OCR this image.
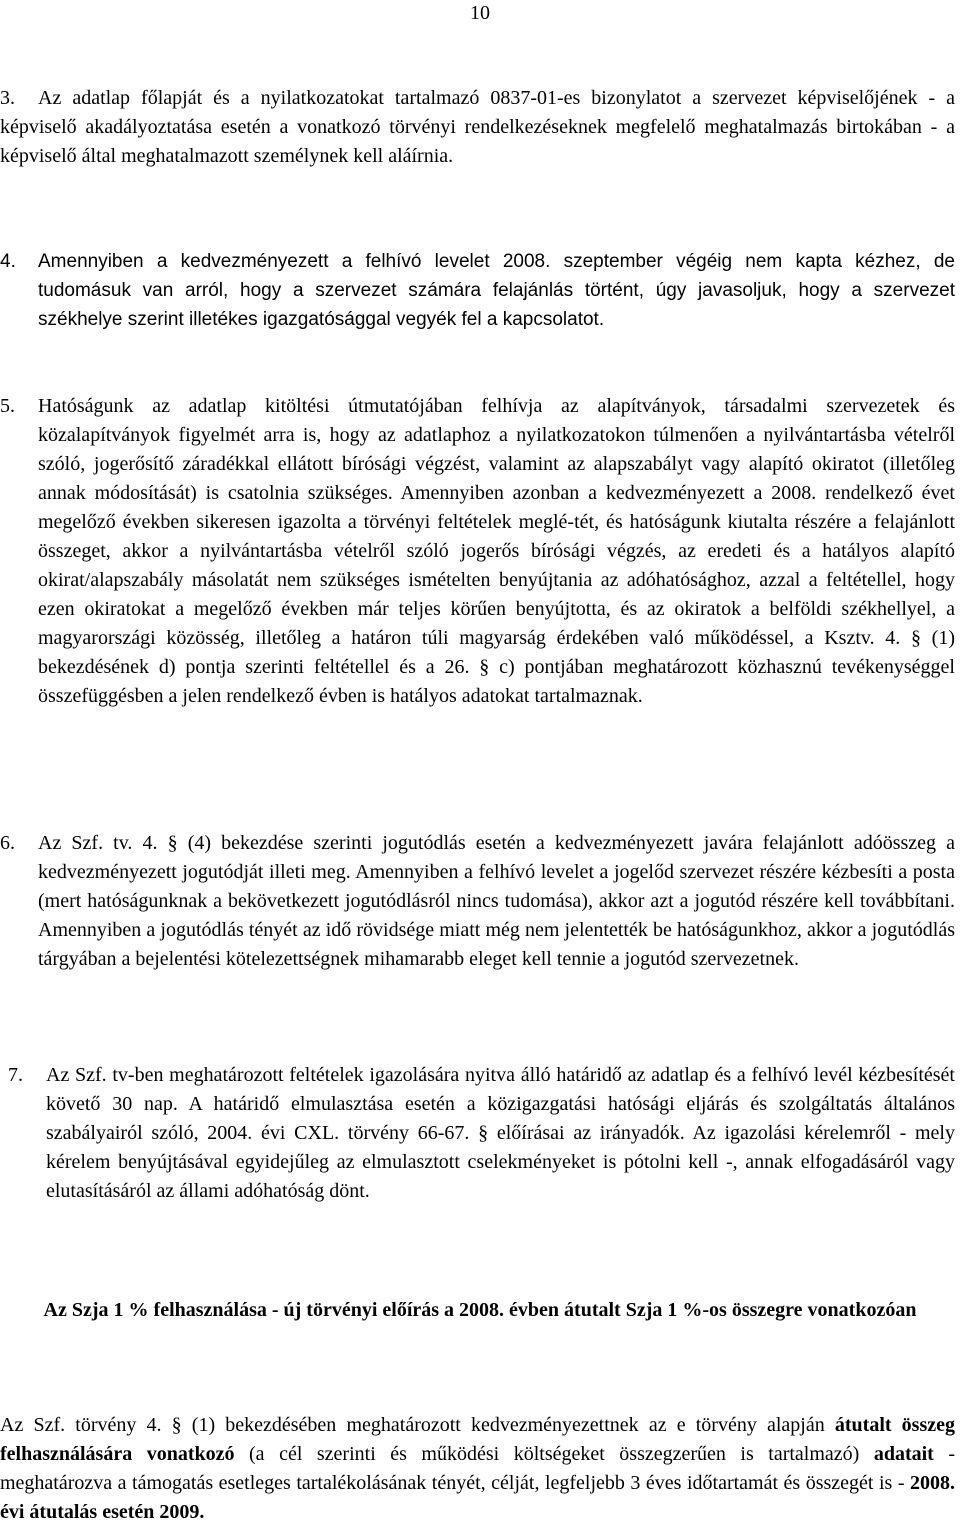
10
3. Az adatlap főlapját és a nyilatkozatokat tartalmazó 0837-01-es bizonylatot a szervezet képviselőjének - a képviselő akadályoztatása esetén a vonatkozó törvényi rendelkezéseknek megfelelő meghatalmazás birtokában - a képviselő által meghatalmazott személynek kell aláírnia.
4.	Amennyiben a kedvezményezett a felhívó levelet 2008. szeptember végéig nem kapta kézhez, de tudomásuk van arról, hogy a szervezet számára felajánlás történt, úgy javasoljuk, hogy a szervezet székhelye szerint illetékes igazgatósággal vegyék fel a kapcsolatot.
5.	Hatóságunk az adatlap kitöltési útmutatójában felhívja az alapítványok, társadalmi szervezetek és közalapítványok figyelmét arra is, hogy az adatlaphoz a nyilatkozatokon túlmenően a nyilvántartásba vételről szóló, jogerősítő záradékkal ellátott bírósági végzést, valamint az alapszabályt vagy alapító okiratot (illetőleg annak módosítását) is csatolnia szükséges. Amennyiben azonban a kedvezményezett a 2008. rendelkező évet megelőző években sikeresen igazolta a törvényi feltételek meglé-tét, és hatóságunk kiutalta részére a felajánlott összeget, akkor a nyilvántartásba vételről szóló jogerős bírósági végzés, az eredeti és a hatályos alapító okirat/alapszabály másolatát nem szükséges ismételten benyújtania az adóhatósághoz, azzal a feltétellel, hogy ezen okiratokat a megelőző években már teljes körűen benyújtotta, és az okiratok a belföldi székhellyel, a magyarországi közösség, illetőleg a határon túli magyarság érdekében való működéssel, a Ksztv. 4. § (1) bekezdésének d) pontja szerinti feltétellel és a 26. § c) pontjában meghatározott közhasznú tevékenységgel összefüggésben a jelen rendelkező évben is hatályos adatokat tartalmaznak.
6.	Az Szf. tv. 4. § (4) bekezdése szerinti jogutódlás esetén a kedvezményezett javára felajánlott adóösszeg a kedvezményezett jogutódját illeti meg. Amennyiben a felhívó levelet a jogelőd szervezet részére kézbesíti a posta (mert hatóságunknak a bekövetkezett jogutódlásról nincs tudomása), akkor azt a jogutód részére kell továbbítani. Amennyiben a jogutódlás tényét az idő rövidsége miatt még nem jelentették be hatóságunkhoz, akkor a jogutódlás tárgyában a bejelentési kötelezettségnek mihamarabb eleget kell tennie a jogutód szervezetnek.
7.	Az Szf. tv-ben meghatározott feltételek igazolására nyitva álló határidő az adatlap és a felhívó levél kézbesítését követő 30 nap. A határidő elmulasztása esetén a közigazgatási hatósági eljárás és szolgáltatás általános szabályairól szóló, 2004. évi CXL. törvény 66-67. § előírásai az irányadók. Az igazolási kérelemről - mely kérelem benyújtásával egyidejűleg az elmulasztott cselekményeket is pótolni kell -, annak elfogadásáról vagy elutasításáról az állami adóhatóság dönt.
Az Szja 1 % felhasználása - új törvényi előírás a 2008. évben átutalt Szja 1 %-os összegre vonatkozóan
Az Szf. törvény 4. § (1) bekezdésében meghatározott kedvezményezettnek az e törvény alapján átutalt összeg felhasználására vonatkozó (a cél szerinti és működési költségeket összegzerűen is tartalmazó) adatait - meghatározva a támogatás esetleges tartalékolásának tényét, célját, legfeljebb 3 éves időtartamát és összegét is - 2008. évi átutalás esetén 2009.
